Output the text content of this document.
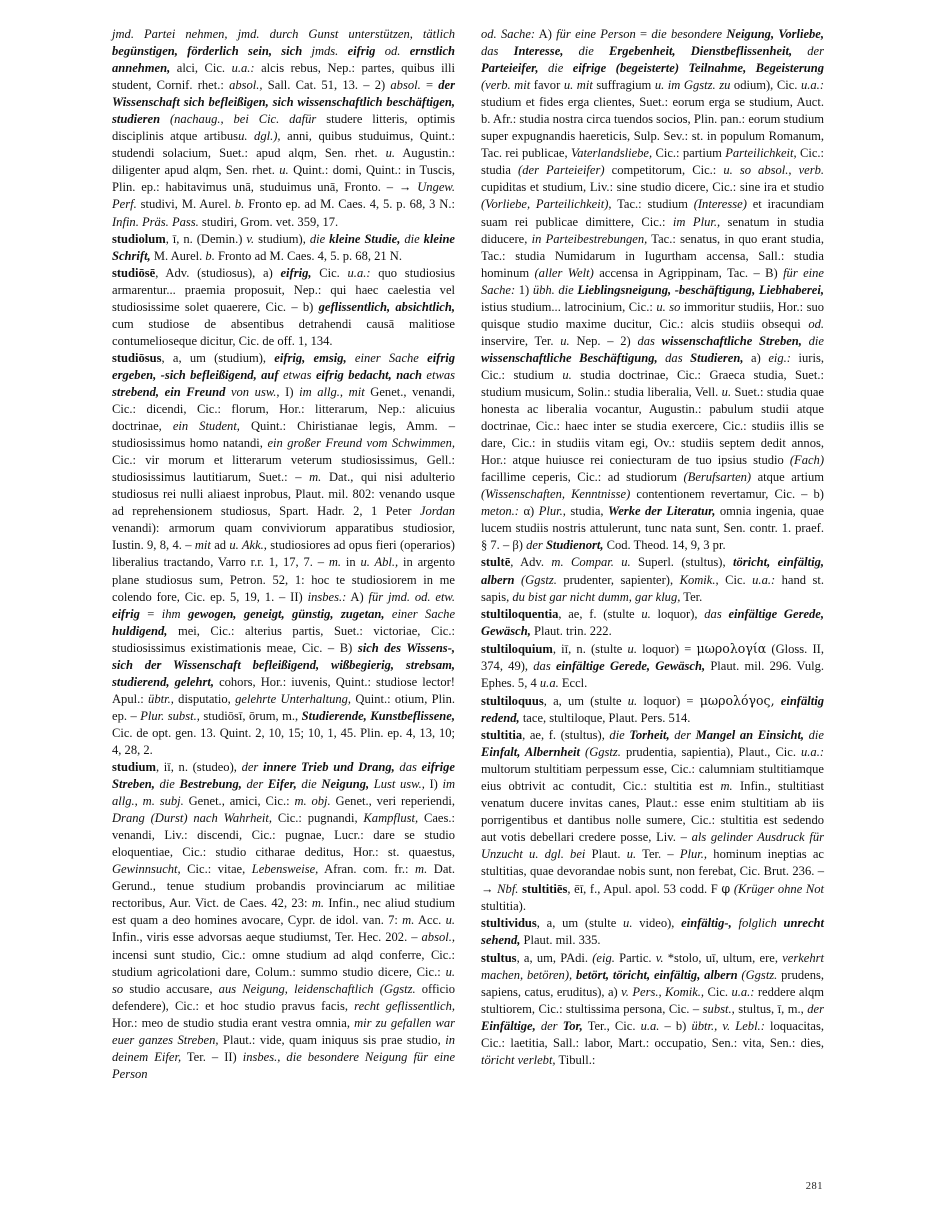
jmd. Partei nehmen, jmd. durch Gunst unterstützen, tätlich begünstigen, förderlich sein, sich jmds. eifrig od. ernstlich annehmen, alci, Cic. u.a.: alcis rebus, Nep.: partes, quibus illi student, Cornif. rhet.: absol., Sall. Cat. 51, 13. – 2) absol. = der Wissenschaft sich befleißigen, sich wissenschaftlich beschäftigen, studieren (nachaug., bei Cic. dafür studere litteris, optimis disciplinis atque artibusu. dgl.), anni, quibus studuimus, Quint.: studendi solacium, Suet.: apud alqm, Sen. rhet. u. Augustin.: diligenter apud alqm, Sen. rhet. u. Quint.: domi, Quint.: in Tuscis, Plin. ep.: habitavimus unā, studuimus unā, Fronto. – → Ungew. Perf. studivi, M. Aurel. b. Fronto ep. ad M. Caes. 4, 5. p. 68, 3 N.: Infin. Präs. Pass. studiri, Grom. vet. 359, 17.

studiolum, ī, n. (Demin.) v. studium), die kleine Studie, die kleine Schrift, M. Aurel. b. Fronto ad M. Caes. 4, 5. p. 68, 21 N.

studiōsē, Adv. (studiosus), a) eifrig, Cic. u.a.: quo studiosius armarentur... praemia proposuit, Nep.: qui haec caelestia vel studiosissime solet quaerere, Cic. – b) geflissentlich, absichtlich, cum studiose de absentibus detrahendi causā malitiose contumelioseque dicitur, Cic. de off. 1, 134.

studiōsus, a, um (studium), eifrig, emsig, einer Sache eifrig ergeben, -sich befleißigend, auf etwas eifrig bedacht, nach etwas strebend, ein Freund von usw., I) im allg., mit Genet., venandi, Cic.: dicendi, Cic.: florum, Hor.: litterarum, Nep.: alicuius doctrinae, ein Student, Quint.: Chiristianae legis, Amm. – studiosissimus homo natandi, ein großer Freund vom Schwimmen, Cic.: vir morum et litterarum veterum studiosissimus, Gell.: studiosissimus lautitiarum, Suet.: – m. Dat., qui nisi adulterio studiosus rei nulli aliaest inprobus, Plaut. mil. 802: venando usque ad reprehensionem studiosus, Spart. Hadr. 2, 1 Peter Jordan venandi): armorum quam conviviorum apparatibus studiosior, Iustin. 9, 8, 4. – mit ad u. Akk., studiosiores ad opus fieri (operarios) liberalius tractando, Varro r.r. 1, 17, 7. – m. in u. Abl., in argento plane studiosus sum, Petron. 52, 1: hoc te studiosiorem in me colendo fore, Cic. ep. 5, 19, 1. – II) insbes.: A) für jmd. od. etw. eifrig = ihm gewogen, geneigt, günstig, zugetan, einer Sache huldigend, mei, Cic.: alterius partis, Suet.: victoriae, Cic.: studiosissimus existimationis meae, Cic. – B) sich des Wissens-, sich der Wissenschaft befleißigend, wißbegierig, strebsam, studierend, gelehrt, cohors, Hor.: iuvenis, Quint.: studiose lector! Apul.: übtr., disputatio, gelehrte Unterhaltung, Quint.: otium, Plin. ep. – Plur. subst., studiōsī, ōrum, m., Studierende, Kunstbeflissene, Cic. de opt. gen. 13. Quint. 2, 10, 15; 10, 1, 45. Plin. ep. 4, 13, 10; 4, 28, 2.

studium, iī, n. (studeo), der innere Trieb und Drang, das eifrige Streben, die Bestrebung, der Eifer, die Neigung, Lust usw., I) im allg., m. subj. Genet., amici, Cic.: m. obj. Genet., veri reperiendi, Drang (Durst) nach Wahrheit, Cic.: pugnandi, Kampflust, Caes.: venandi, Liv.: discendi, Cic.: pugnae, Lucr.: dare se studio eloquentiae, Cic.: studio citharae deditus, Hor.: st. quaestus, Gewinnsucht, Cic.: vitae, Lebensweise, Afran. com. fr.: m. Dat. Gerund., tenue studium probandis provinciarum ac militiae rectoribus, Aur. Vict. de Caes. 42, 23: m. Infin., nec aliud studium est quam a deo homines avocare, Cypr. de idol. van. 7: m. Acc. u. Infin., viris esse advorsas aeque studiumst, Ter. Hec. 202. – absol., incensi sunt studio, Cic.: omne studium ad alqd conferre, Cic.: studium agricolationi dare, Colum.: summo studio dicere, Cic.: u. so studio accusare, aus Neigung, leidenschaftlich (Ggstz. officio defendere), Cic.: et hoc studio pravus facis, recht geflissentlich, Hor.: meo de studio studia erant vestra omnia, mir zu gefallen war euer ganzes Streben, Plaut.: vide, quam iniquus sis prae studio, in deinem Eifer, Ter. – II) insbes., die besondere Neigung für eine Person

od. Sache: A) für eine Person = die besondere Neigung, Vorliebe, das Interesse, die Ergebenheit, Dienstbeflissenheit, der Parteieifer, die eifrige (begeisterte) Teilnahme, Begeisterung (verb. mit favor u. mit suffragium u. im Ggstz. zu odium), Cic. u.a.: studium et fides erga clientes, Suet.: eorum erga se studium, Auct. b. Afr.: studia nostra circa tuendos socios, Plin. pan.: eorum studium super expugnandis haereticis, Sulp. Sev.: st. in populum Romanum, Tac. rei publicae, Vaterlandsliebe, Cic.: partium Parteilichkeit, Cic.: studia (der Parteieifer) competitorum, Cic.: u. so absol., verb. cupiditas et studium, Liv.: sine studio dicere, Cic.: sine ira et studio (Vorliebe, Parteilichkeit), Tac.: studium (Interesse) et iracundiam suam rei publicae dimittere, Cic.: im Plur., senatum in studia diducere, in Parteibestrebungen, Tac.: senatus, in quo erant studia, Tac.: studia Numidarum in Iugurtham accensa, Sall.: studia hominum (aller Welt) accensa in Agrippinam, Tac. – B) für eine Sache: 1) übh. die Lieblingsneigung, -beschäftigung, Liebhaberei, istius studium... latrocinium, Cic.: u. so immoritur studiis, Hor.: suo quisque studio maxime ducitur, Cic.: alcis studiis obsequi od. inservire, Ter. u. Nep. – 2) das wissenschaftliche Streben, die wissenschaftliche Beschäftigung, das Studieren, a) eig.: iuris, Cic.: studium u. studia doctrinae, Cic.: Graeca studia, Suet.: studium musicum, Solin.: studia liberalia, Vell. u. Suet.: studia quae honesta ac liberalia vocantur, Augustin.: pabulum studii atque doctrinae, Cic.: haec inter se studia exercere, Cic.: studiis illis se dare, Cic.: in studiis vitam egi, Ov.: studiis septem dedit annos, Hor.: atque huiusce rei coniecturam de tuo ipsius studio (Fach) facillime ceperis, Cic.: ad studiorum (Berufsarten) atque artium (Wissenschaften, Kenntnisse) contentionem revertamur, Cic. – b) meton.: α) Plur., studia, Werke der Literatur, omnia ingenia, quae lucem studiis nostris attulerunt, tunc nata sunt, Sen. contr. 1. praef. § 7. – β) der Studienort, Cod. Theod. 14, 9, 3 pr.

stultē, Adv. m. Compar. u. Superl. (stultus), töricht, einfältig, albern (Ggstz. prudenter, sapienter), Komik., Cic. u.a.: hand st. sapis, du bist gar nicht dumm, gar klug, Ter.

stultiloquentia, ae, f. (stulte u. loquor), das einfältige Gerede, Gewäsch, Plaut. trin. 222.

stultiloquium, iī, n. (stulte u. loquor) = μωρολογία (Gloss. II, 374, 49), das einfältige Gerede, Gewäsch, Plaut. mil. 296. Vulg. Ephes. 5, 4 u.a. Eccl.

stultiloquus, a, um (stulte u. loquor) = μωρολόγος, einfältig redend, tace, stultiloque, Plaut. Pers. 514.

stultitia, ae, f. (stultus), die Torheit, der Mangel an Einsicht, die Einfalt, Albernheit (Ggstz. prudentia, sapientia), Plaut., Cic. u.a.: multorum stultitiam perpessum esse, Cic.: calumniam stultitiamque eius obtrivit ac contudit, Cic.: stultitia est m. Infin., stultitiast venatum ducere invitas canes, Plaut.: esse enim stultitiam ab iis porrigentibus et dantibus nolle sumere, Cic.: stultitia est sedendo aut votis debellari credere posse, Liv. – als gelinder Ausdruck für Unzucht u. dgl. bei Plaut. u. Ter. – Plur., hominum ineptias ac stultitias, quae devorandae nobis sunt, non ferebat, Cic. Brut. 236. – → Nbf. stultitiēs, ēī, f., Apul. apol. 53 codd. F φ (Krüger ohne Not stultitia).

stultividus, a, um (stulte u. video), einfältig-, folglich unrecht sehend, Plaut. mil. 335.

stultus, a, um, PAdi. (eig. Partic. v. *stolo, uī, ultum, ere, verkehrt machen, betören), betört, töricht, einfältig, albern (Ggstz. prudens, sapiens, catus, eruditus), a) v. Pers., Komik., Cic. u.a.: reddere alqm stultiorem, Cic.: stultissima persona, Cic. – subst., stultus, ī, m., der Einfältige, der Tor, Ter., Cic. u.a. – b) übtr., v. Lebl.: loquacitas, Cic.: laetitia, Sall.: labor, Mart.: occupatio, Sen.: vita, Sen.: dies, töricht verlebt, Tibull.:

281
